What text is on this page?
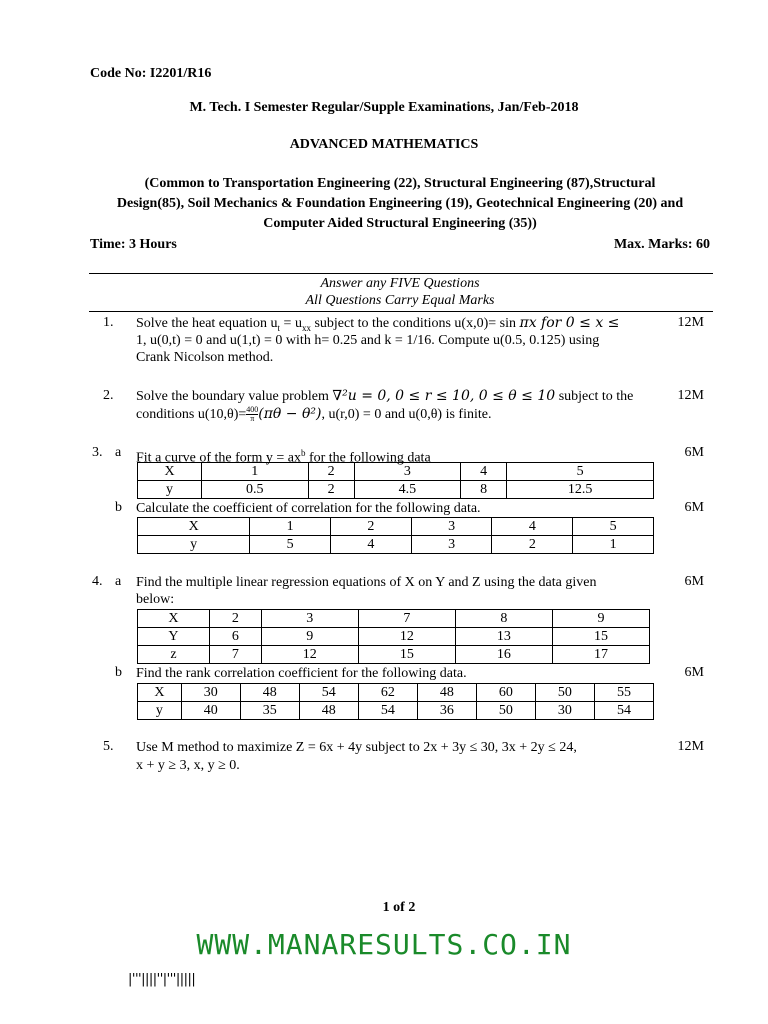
Code No: I2201/R16
M. Tech. I Semester Regular/Supple Examinations, Jan/Feb-2018
ADVANCED MATHEMATICS
(Common to Transportation Engineering (22), Structural Engineering (87),Structural
Design(85), Soil Mechanics & Foundation Engineering (19), Geotechnical Engineering (20) and
Computer Aided Structural Engineering (35))
Time: 3 Hours	Max. Marks: 60
Answer any FIVE Questions
All Questions Carry Equal Marks
1. Solve the heat equation $u_t = u_{xx}$ subject to the conditions u(x,0)= sin πx for 0 ≤ x ≤
1, u(0,t) = 0 and u(1,t) = 0 with h= 0.25 and k = 1/16. Compute u(0.5, 0.125) using
Crank Nicolson method.
12M
2. Solve the boundary value problem ∇²u = 0, 0 ≤ r ≤ 10, 0 ≤ θ ≤ 10 subject to the
conditions $u(10,\theta)= \frac{400}{\pi} (\pi\theta - \theta^2)$, u(r,0) = 0 and u(0,θ) is finite.
12M
3. a Fit a curve of the form $y = ax^b$ for the following data	6M
X	1	2	3	4	5
y	0.5	2	4.5	8	12.5
b Calculate the coefficient of correlation for the following data.	6M
X	1	2	3	4	5
y	5	4	3	2	1
4. a Find the multiple linear regression equations of X on Y and Z using the data given
below:
6M
X	2	3	7	8	9
Y	6	9	12	13	15
z	7	12	15	16	17
b Find the rank correlation coefficient for the following data.	6M
X	30	48	54	62	48	60	50	55
y	40	35	48	54	36	50	30	54
5. Use M method to maximize Z = 6x + 4y subject to 2x + 3y ≤ 30, 3x + 2y ≤ 24,
x + y ≥ 3, x, y ≥ 0.
12M
1 of 2
WWW.MANARESULTS.CO.IN
|'''||||''|'''|||||
